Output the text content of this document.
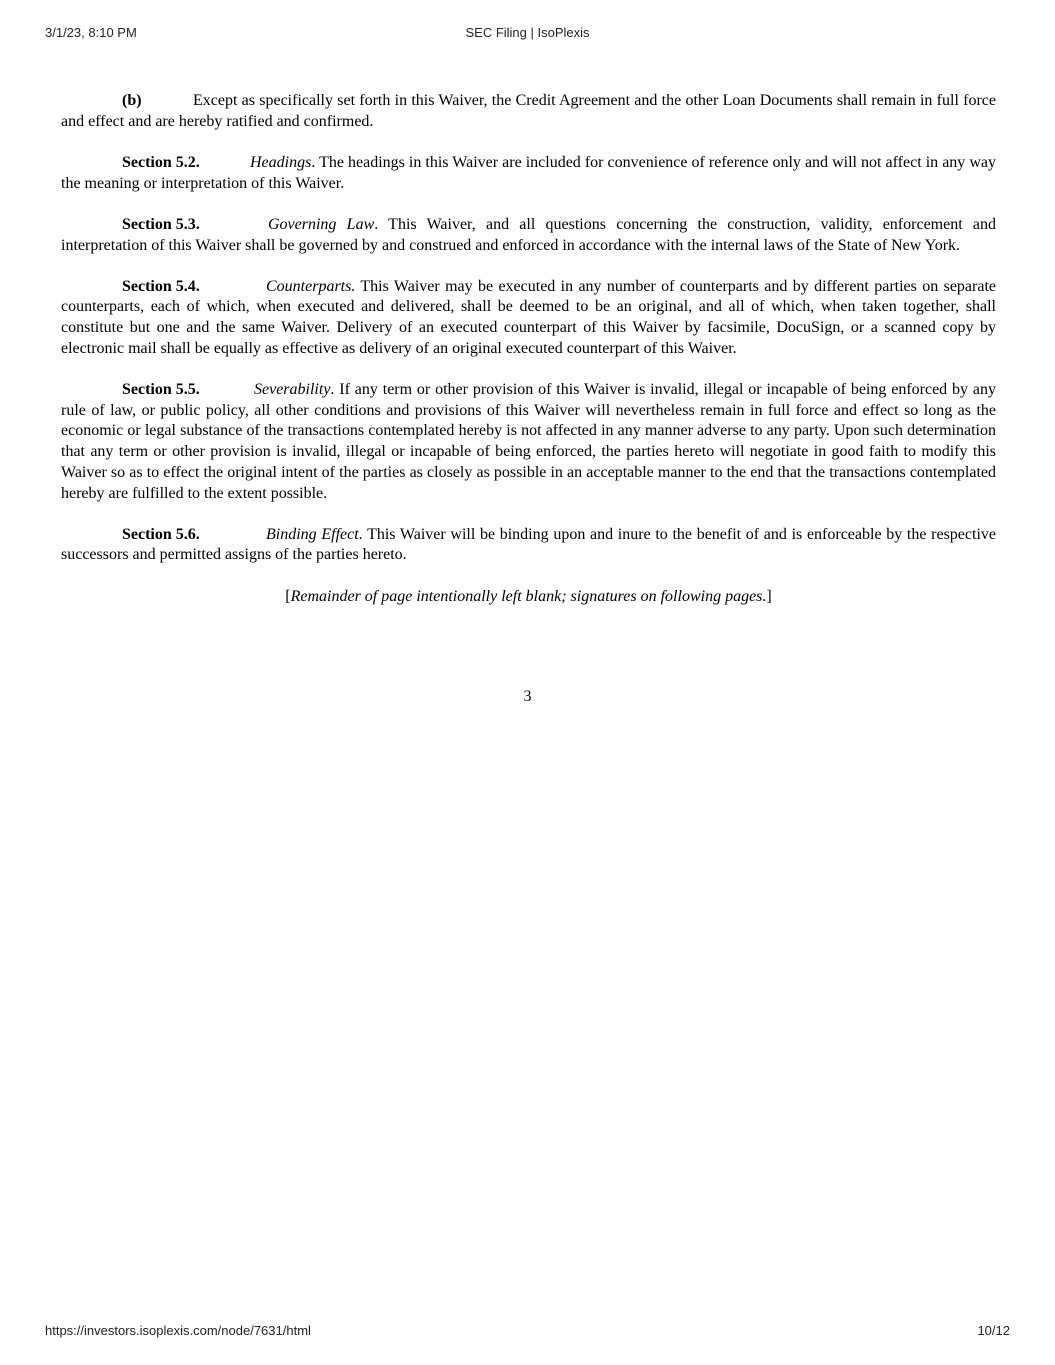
3/1/23, 8:10 PM	SEC Filing | IsoPlexis

(b)	Except as specifically set forth in this Waiver, the Credit Agreement and the other Loan Documents shall remain in full force and effect and are hereby ratified and confirmed.

Section 5.2.	Headings. The headings in this Waiver are included for convenience of reference only and will not affect in any way the meaning or interpretation of this Waiver.

Section 5.3.	Governing Law. This Waiver, and all questions concerning the construction, validity, enforcement and interpretation of this Waiver shall be governed by and construed and enforced in accordance with the internal laws of the State of New York.

Section 5.4.	Counterparts. This Waiver may be executed in any number of counterparts and by different parties on separate counterparts, each of which, when executed and delivered, shall be deemed to be an original, and all of which, when taken together, shall constitute but one and the same Waiver. Delivery of an executed counterpart of this Waiver by facsimile, DocuSign, or a scanned copy by electronic mail shall be equally as effective as delivery of an original executed counterpart of this Waiver.

Section 5.5.	Severability. If any term or other provision of this Waiver is invalid, illegal or incapable of being enforced by any rule of law, or public policy, all other conditions and provisions of this Waiver will nevertheless remain in full force and effect so long as the economic or legal substance of the transactions contemplated hereby is not affected in any manner adverse to any party. Upon such determination that any term or other provision is invalid, illegal or incapable of being enforced, the parties hereto will negotiate in good faith to modify this Waiver so as to effect the original intent of the parties as closely as possible in an acceptable manner to the end that the transactions contemplated hereby are fulfilled to the extent possible.

Section 5.6.	Binding Effect. This Waiver will be binding upon and inure to the benefit of and is enforceable by the respective successors and permitted assigns of the parties hereto.

[Remainder of page intentionally left blank; signatures on following pages.]

3
https://investors.isoplexis.com/node/7631/html	10/12
